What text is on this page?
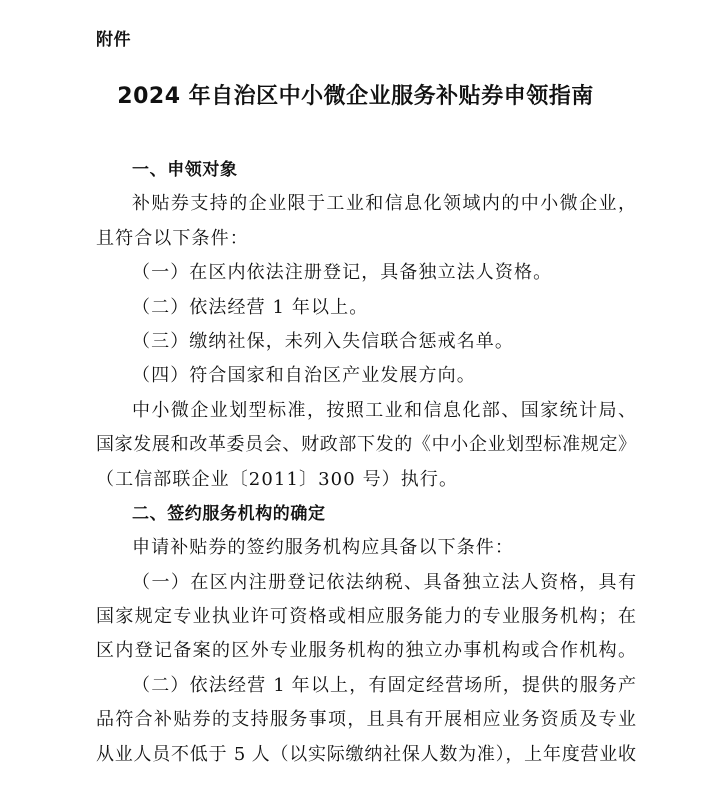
附件
2024 年自治区中小微企业服务补贴券申领指南
一、申领对象
补贴券支持的企业限于工业和信息化领域内的中小微企业，
且符合以下条件：
（一）在区内依法注册登记，具备独立法人资格。
（二）依法经营 1 年以上。
（三）缴纳社保，未列入失信联合惩戒名单。
（四）符合国家和自治区产业发展方向。
中小微企业划型标准，按照工业和信息化部、国家统计局、
国家发展和改革委员会、财政部下发的《中小企业划型标准规定》
（工信部联企业〔2011〕300 号）执行。
二、签约服务机构的确定
申请补贴券的签约服务机构应具备以下条件：
（一）在区内注册登记依法纳税、具备独立法人资格，具有
国家规定专业执业许可资格或相应服务能力的专业服务机构；在
区内登记备案的区外专业服务机构的独立办事机构或合作机构。
（二）依法经营 1 年以上，有固定经营场所，提供的服务产
品符合补贴券的支持服务事项，且具有开展相应业务资质及专业
从业人员不低于 5 人（以实际缴纳社保人数为准），上年度营业收
